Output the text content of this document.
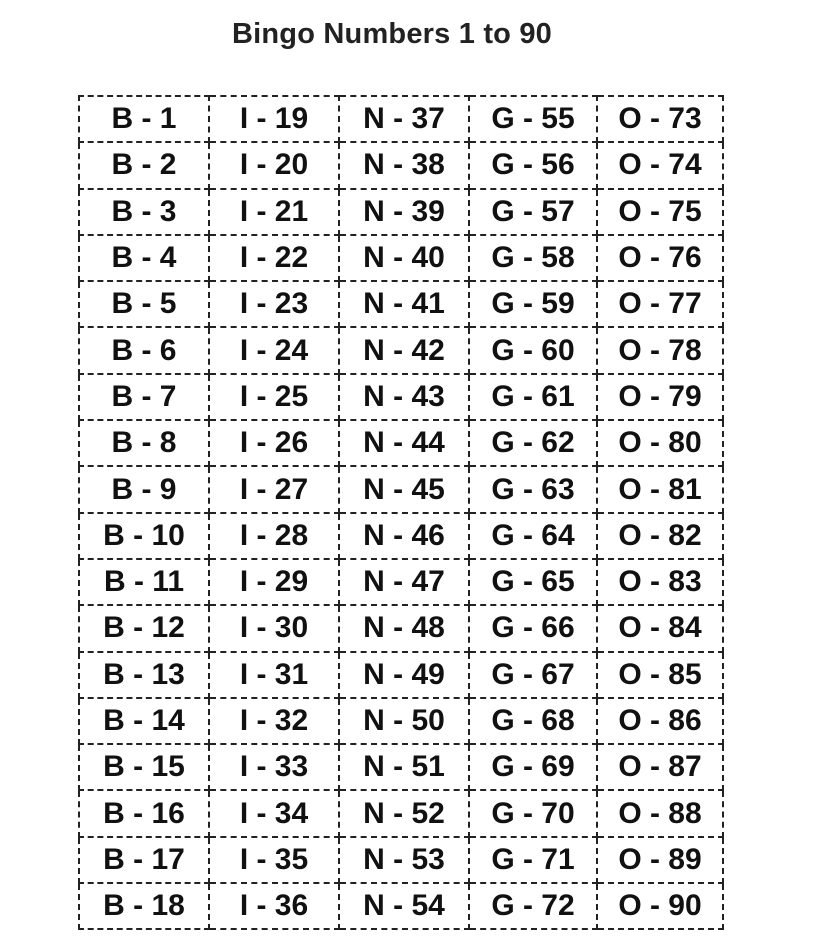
Bingo Numbers 1 to 90
B - 1	I - 19	N - 37	G - 55	O - 73
B - 2	I - 20	N - 38	G - 56	O - 74
B - 3	I - 21	N - 39	G - 57	O - 75
B - 4	I - 22	N - 40	G - 58	O - 76
B - 5	I - 23	N - 41	G - 59	O - 77
B - 6	I - 24	N - 42	G - 60	O - 78
B - 7	I - 25	N - 43	G - 61	O - 79
B - 8	I - 26	N - 44	G - 62	O - 80
B - 9	I - 27	N - 45	G - 63	O - 81
B - 10	I - 28	N - 46	G - 64	O - 82
B - 11	I - 29	N - 47	G - 65	O - 83
B - 12	I - 30	N - 48	G - 66	O - 84
B - 13	I - 31	N - 49	G - 67	O - 85
B - 14	I - 32	N - 50	G - 68	O - 86
B - 15	I - 33	N - 51	G - 69	O - 87
B - 16	I - 34	N - 52	G - 70	O - 88
B - 17	I - 35	N - 53	G - 71	O - 89
B - 18	I - 36	N - 54	G - 72	O - 90
